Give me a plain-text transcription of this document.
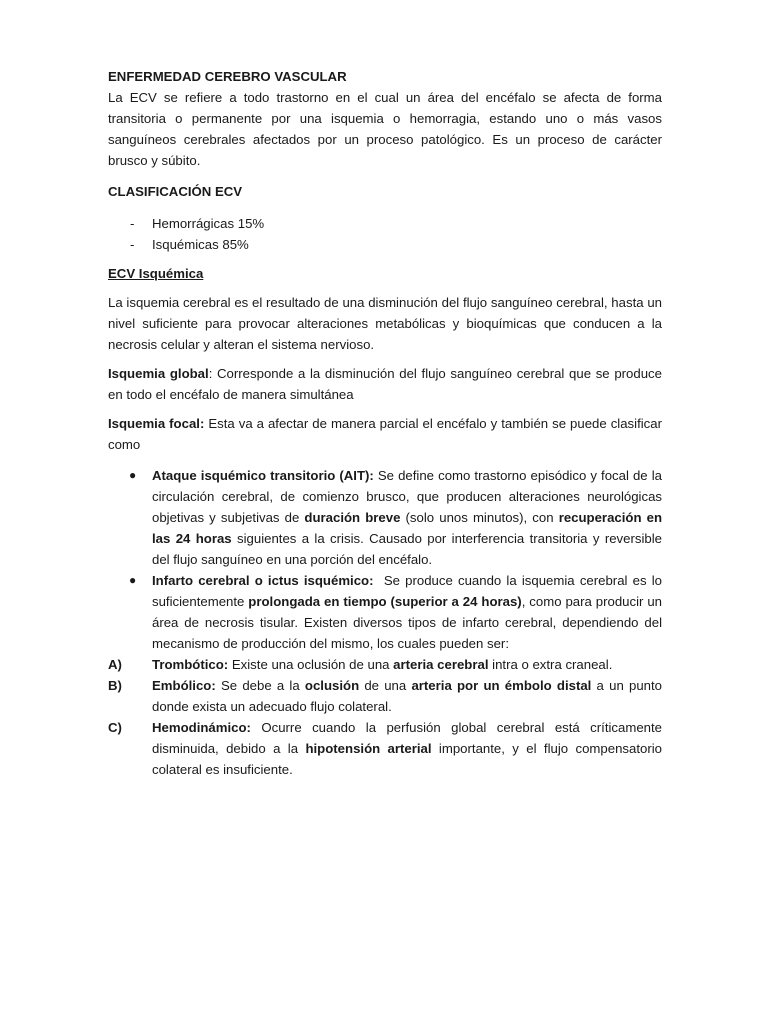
ENFERMEDAD CEREBRO VASCULAR
La ECV se refiere a todo trastorno en el cual un área del encéfalo se afecta de forma transitoria o permanente por una isquemia o hemorragia, estando uno o más vasos sanguíneos cerebrales afectados por un proceso patológico. Es un proceso de carácter brusco y súbito.
CLASIFICACIÓN ECV
- Hemorrágicas 15%
- Isquémicas 85%
ECV Isquémica
La isquemia cerebral es el resultado de una disminución del flujo sanguíneo cerebral, hasta un nivel suficiente para provocar alteraciones metabólicas y bioquímicas que conducen a la necrosis celular y alteran el sistema nervioso.
Isquemia global: Corresponde a la disminución del flujo sanguíneo cerebral que se produce en todo el encéfalo de manera simultánea
Isquemia focal: Esta va a afectar de manera parcial el encéfalo y también se puede clasificar como
● Ataque isquémico transitorio (AIT): Se define como trastorno episódico y focal de la circulación cerebral, de comienzo brusco, que producen alteraciones neurológicas objetivas y subjetivas de duración breve (solo unos minutos), con recuperación en las 24 horas siguientes a la crisis. Causado por interferencia transitoria y reversible del flujo sanguíneo en una porción del encéfalo.
● Infarto cerebral o ictus isquémico:  Se produce cuando la isquemia cerebral es lo suficientemente prolongada en tiempo (superior a 24 horas), como para producir un área de necrosis tisular. Existen diversos tipos de infarto cerebral, dependiendo del mecanismo de producción del mismo, los cuales pueden ser:
A) Trombótico: Existe una oclusión de una arteria cerebral intra o extra craneal.
B) Embólico: Se debe a la oclusión de una arteria por un émbolo distal a un punto donde exista un adecuado flujo colateral.
C) Hemodinámico: Ocurre cuando la perfusión global cerebral está críticamente disminuida, debido a la hipotensión arterial importante, y el flujo compensatorio colateral es insuficiente.
